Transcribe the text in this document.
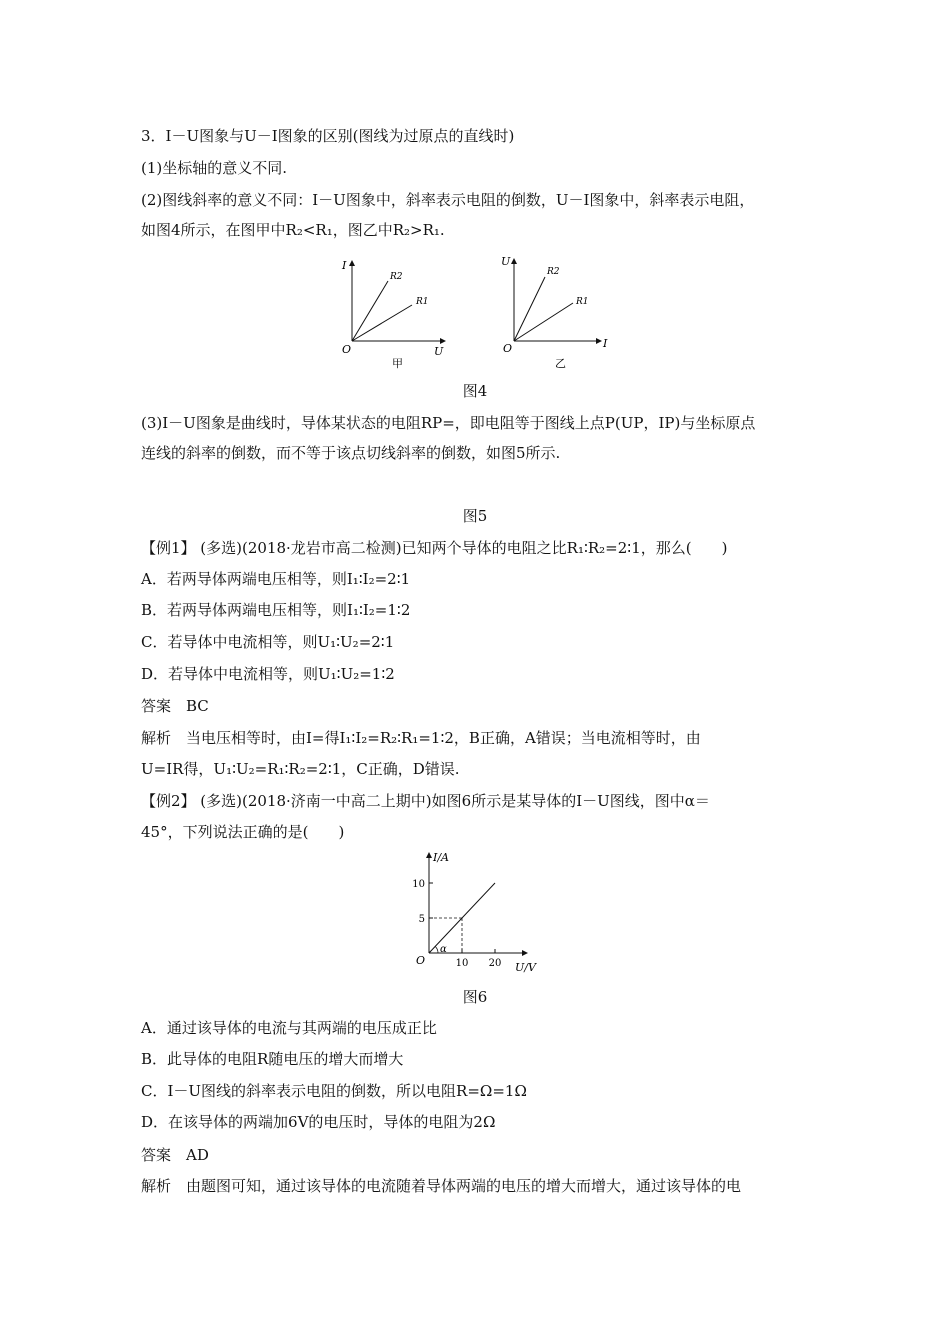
3．I－U图象与U－I图象的区别(图线为过原点的直线时)
(1)坐标轴的意义不同.
(2)图线斜率的意义不同：I－U图象中，斜率表示电阻的倒数，U－I图象中，斜率表示电阻，
如图4所示，在图甲中R₂<R₁，图乙中R₂>R₁.
I
U
O
R2
R1
甲
U
I
O
R2
R1
乙
图4
(3)I－U图象是曲线时，导体某状态的电阻RP=，即电阻等于图线上点P(UP，IP)与坐标原点
连线的斜率的倒数，而不等于该点切线斜率的倒数，如图5所示.
图5
【例1】 (多选)(2018·龙岩市高二检测)已知两个导体的电阻之比R₁∶R₂=2∶1，那么(　　)
A．若两导体两端电压相等，则I₁∶I₂=2∶1
B．若两导体两端电压相等，则I₁∶I₂=1∶2
C．若导体中电流相等，则U₁∶U₂=2∶1
D．若导体中电流相等，则U₁∶U₂=1∶2
答案　BC
解析　当电压相等时，由I=得I₁∶I₂=R₂∶R₁=1∶2，B正确，A错误；当电流相等时，由
U=IR得，U₁∶U₂=R₁∶R₂=2∶1，C正确，D错误.
【例2】 (多选)(2018·济南一中高二上期中)如图6所示是某导体的I－U图线，图中α＝
45°，下列说法正确的是(　　)
I/A
U/V
O
α
5
10
10 20
图6
A．通过该导体的电流与其两端的电压成正比
B．此导体的电阻R随电压的增大而增大
C．I－U图线的斜率表示电阻的倒数，所以电阻R=Ω=1Ω
D．在该导体的两端加6V的电压时，导体的电阻为2Ω
答案　AD
解析　由题图可知，通过该导体的电流随着导体两端的电压的增大而增大，通过该导体的电
